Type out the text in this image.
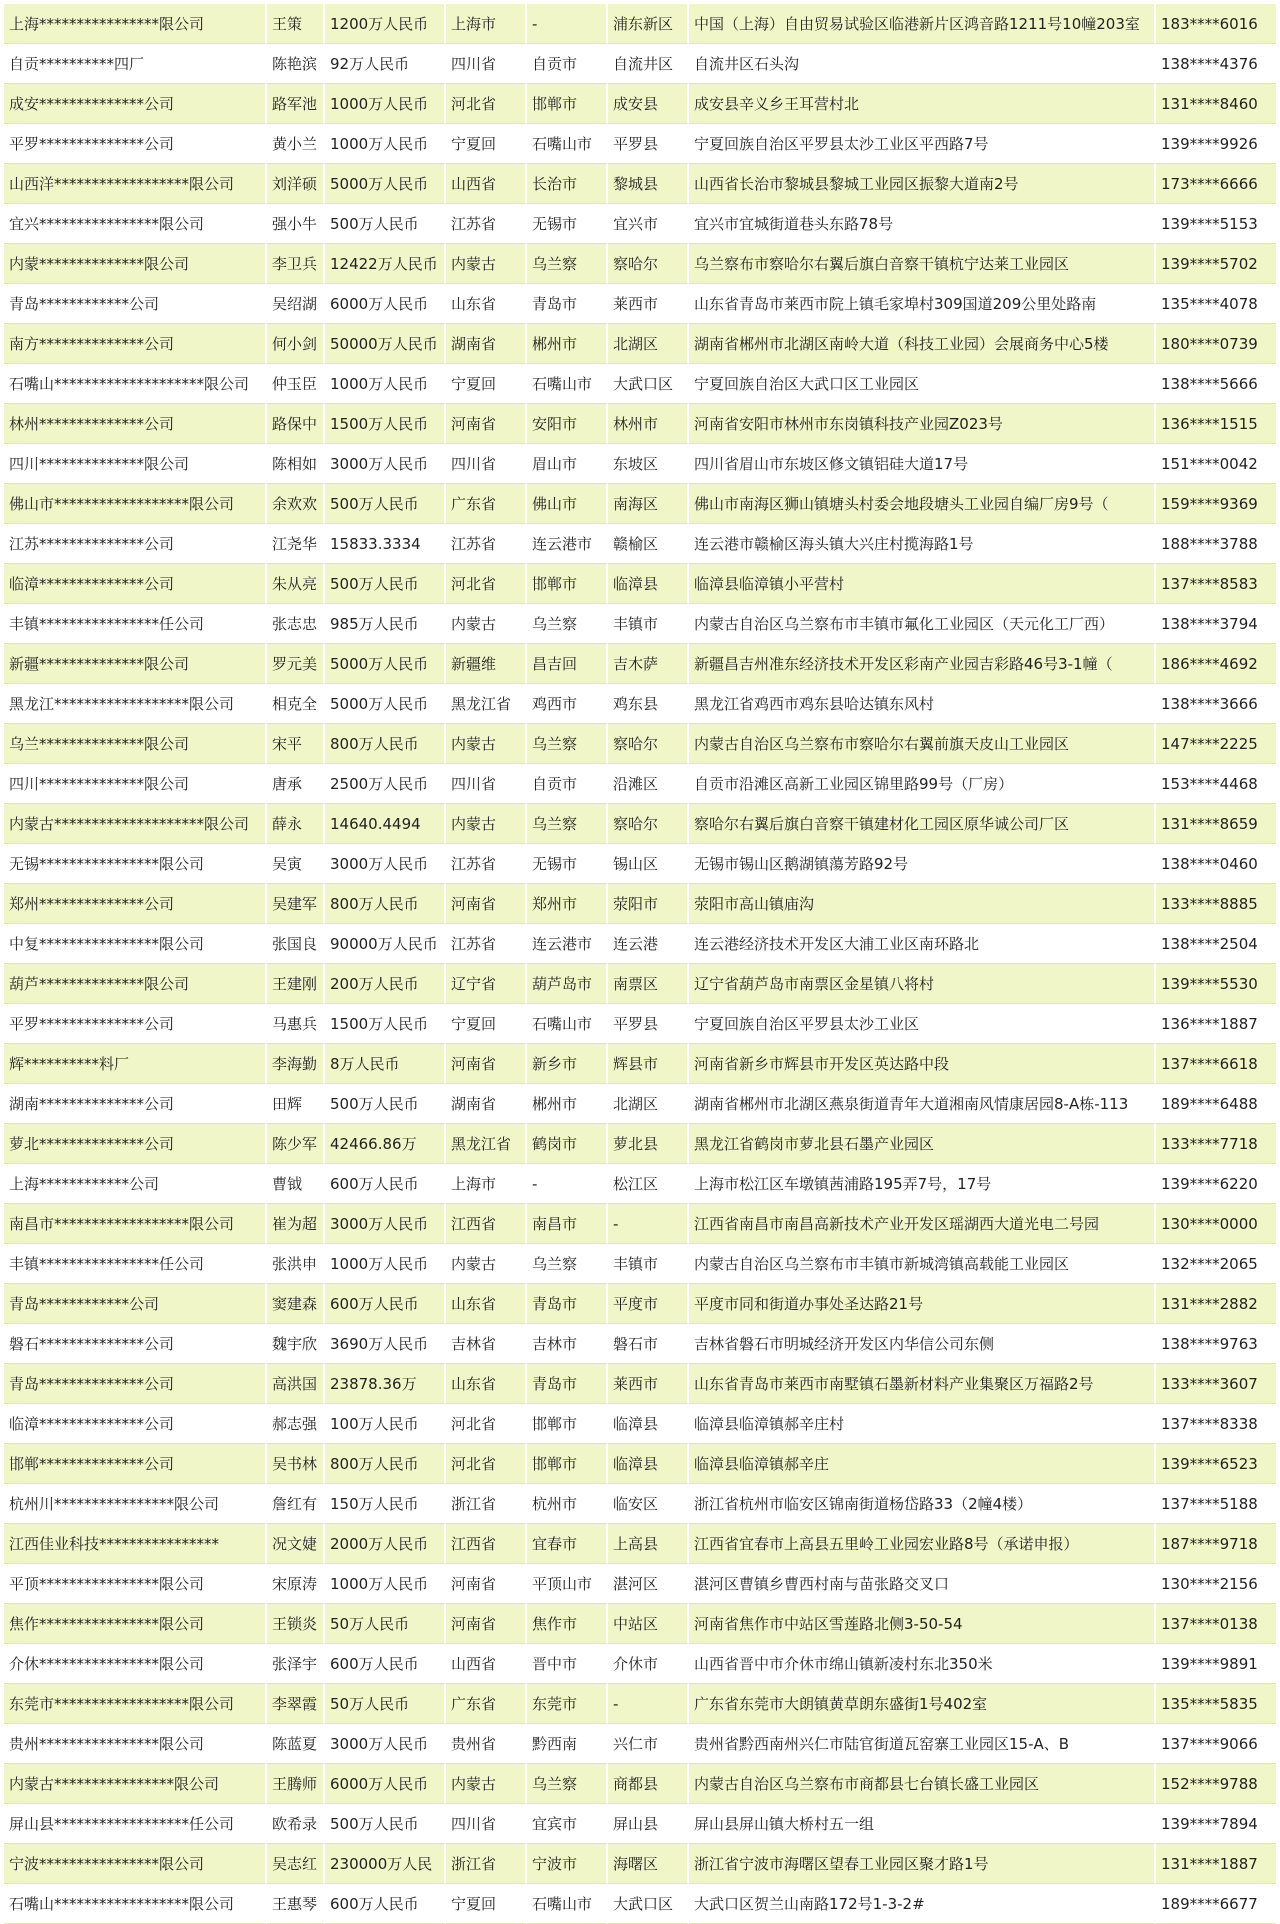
上海****************限公司	王策	1200万人民币	上海市	-	浦东新区	中国（上海）自由贸易试验区临港新片区鸿音路1211号10幢203室	183****6016
自贡**********四厂	陈艳滨	92万人民币	四川省	自贡市	自流井区	自流井区石头沟	138****4376
成安**************公司	路军池	1000万人民币	河北省	邯郸市	成安县	成安县辛义乡王耳营村北	131****8460
平罗**************公司	黄小兰	1000万人民币	宁夏回	石嘴山市	平罗县	宁夏回族自治区平罗县太沙工业区平西路7号	139****9926
山西洋******************限公司	刘洋硕	5000万人民币	山西省	长治市	黎城县	山西省长治市黎城县黎城工业园区振黎大道南2号	173****6666
宜兴****************限公司	强小牛	500万人民币	江苏省	无锡市	宜兴市	宜兴市宜城街道巷头东路78号	139****5153
内蒙**************限公司	李卫兵	12422万人民币	内蒙古	乌兰察	察哈尔	乌兰察布市察哈尔右翼后旗白音察干镇杭宁达莱工业园区	139****5702
青岛************公司	吴绍湖	6000万人民币	山东省	青岛市	莱西市	山东省青岛市莱西市院上镇毛家埠村309国道209公里处路南	135****4078
南方**************公司	何小剑	50000万人民币	湖南省	郴州市	北湖区	湖南省郴州市北湖区南岭大道（科技工业园）会展商务中心5楼	180****0739
石嘴山********************限公司	仲玉臣	1000万人民币	宁夏回	石嘴山市	大武口区	宁夏回族自治区大武口区工业园区	138****5666
林州**************公司	路保中	1500万人民币	河南省	安阳市	林州市	河南省安阳市林州市东岗镇科技产业园Z023号	136****1515
四川**************限公司	陈相如	3000万人民币	四川省	眉山市	东坡区	四川省眉山市东坡区修文镇铝硅大道17号	151****0042
佛山市******************限公司	余欢欢	500万人民币	广东省	佛山市	南海区	佛山市南海区狮山镇塘头村委会地段塘头工业园自编厂房9号（	159****9369
江苏**************公司	江尧华	15833.3334	江苏省	连云港市	赣榆区	连云港市赣榆区海头镇大兴庄村揽海路1号	188****3788
临漳**************公司	朱从亮	500万人民币	河北省	邯郸市	临漳县	临漳县临漳镇小平营村	137****8583
丰镇****************任公司	张志忠	985万人民币	内蒙古	乌兰察	丰镇市	内蒙古自治区乌兰察布市丰镇市氟化工业园区（天元化工厂西）	138****3794
新疆**************限公司	罗元美	5000万人民币	新疆维	昌吉回	吉木萨	新疆昌吉州准东经济技术开发区彩南产业园吉彩路46号3-1幢（	186****4692
黑龙江******************限公司	相克全	5000万人民币	黑龙江省	鸡西市	鸡东县	黑龙江省鸡西市鸡东县哈达镇东风村	138****3666
乌兰**************限公司	宋平	800万人民币	内蒙古	乌兰察	察哈尔	内蒙古自治区乌兰察布市察哈尔右翼前旗天皮山工业园区	147****2225
四川**************限公司	唐承	2500万人民币	四川省	自贡市	沿滩区	自贡市沿滩区高新工业园区锦里路99号（厂房）	153****4468
内蒙古********************限公司	薛永	14640.4494	内蒙古	乌兰察	察哈尔	察哈尔右翼后旗白音察干镇建材化工园区原华诚公司厂区	131****8659
无锡****************限公司	吴寅	3000万人民币	江苏省	无锡市	锡山区	无锡市锡山区鹅湖镇蕩芳路92号	138****0460
郑州**************公司	吴建军	800万人民币	河南省	郑州市	荥阳市	荥阳市高山镇庙沟	133****8885
中复****************限公司	张国良	90000万人民币	江苏省	连云港市	连云港	连云港经济技术开发区大浦工业区南环路北	138****2504
葫芦**************限公司	王建刚	200万人民币	辽宁省	葫芦岛市	南票区	辽宁省葫芦岛市南票区金星镇八将村	139****5530
平罗**************公司	马惠兵	1500万人民币	宁夏回	石嘴山市	平罗县	宁夏回族自治区平罗县太沙工业区	136****1887
辉**********料厂	李海勤	8万人民币	河南省	新乡市	辉县市	河南省新乡市辉县市开发区英达路中段	137****6618
湖南**************公司	田辉	500万人民币	湖南省	郴州市	北湖区	湖南省郴州市北湖区燕泉街道青年大道湘南风情康居园8-A栋-113	189****6488
萝北**************公司	陈少军	42466.86万	黑龙江省	鹤岗市	萝北县	黑龙江省鹤岗市萝北县石墨产业园区	133****7718
上海************公司	曹钺	600万人民币	上海市	-	松江区	上海市松江区车墩镇茜浦路195弄7号，17号	139****6220
南昌市******************限公司	崔为超	3000万人民币	江西省	南昌市	-	江西省南昌市南昌高新技术产业开发区瑶湖西大道光电二号园	130****0000
丰镇****************任公司	张洪申	1000万人民币	内蒙古	乌兰察	丰镇市	内蒙古自治区乌兰察布市丰镇市新城湾镇高载能工业园区	132****2065
青岛************公司	窦建森	600万人民币	山东省	青岛市	平度市	平度市同和街道办事处圣达路21号	131****2882
磐石**************公司	魏宇欣	3690万人民币	吉林省	吉林市	磐石市	吉林省磐石市明城经济开发区内华信公司东侧	138****9763
青岛**************公司	高洪国	23878.36万	山东省	青岛市	莱西市	山东省青岛市莱西市南墅镇石墨新材料产业集聚区万福路2号	133****3607
临漳**************公司	郝志强	100万人民币	河北省	邯郸市	临漳县	临漳县临漳镇郝辛庄村	137****8338
邯郸**************公司	吴书林	800万人民币	河北省	邯郸市	临漳县	临漳县临漳镇郝辛庄	139****6523
杭州川****************限公司	詹红有	150万人民币	浙江省	杭州市	临安区	浙江省杭州市临安区锦南街道杨岱路33（2幢4楼）	137****5188
江西佳业科技****************	况文婕	2000万人民币	江西省	宜春市	上高县	江西省宜春市上高县五里岭工业园宏业路8号（承诺申报）	187****9718
平顶****************限公司	宋原涛	1000万人民币	河南省	平顶山市	湛河区	湛河区曹镇乡曹西村南与苗张路交叉口	130****2156
焦作****************限公司	王锁炎	50万人民币	河南省	焦作市	中站区	河南省焦作市中站区雪莲路北侧3-50-54	137****0138
介休****************限公司	张泽宇	600万人民币	山西省	晋中市	介休市	山西省晋中市介休市绵山镇新凌村东北350米	139****9891
东莞市******************限公司	李翠霞	50万人民币	广东省	东莞市	-	广东省东莞市大朗镇黄草朗东盛街1号402室	135****5835
贵州****************限公司	陈蓝夏	3000万人民币	贵州省	黔西南	兴仁市	贵州省黔西南州兴仁市陆官街道瓦窑寨工业园区15-A、B	137****9066
内蒙古****************限公司	王腾师	6000万人民币	内蒙古	乌兰察	商都县	内蒙古自治区乌兰察布市商都县七台镇长盛工业园区	152****9788
屏山县******************任公司	欧希录	500万人民币	四川省	宜宾市	屏山县	屏山县屏山镇大桥村五一组	139****7894
宁波****************限公司	吴志红	230000万人民	浙江省	宁波市	海曙区	浙江省宁波市海曙区望春工业园区聚才路1号	131****1887
石嘴山******************限公司	王惠琴	600万人民币	宁夏回	石嘴山市	大武口区	大武口区贺兰山南路172号1-3-2#	189****6677
